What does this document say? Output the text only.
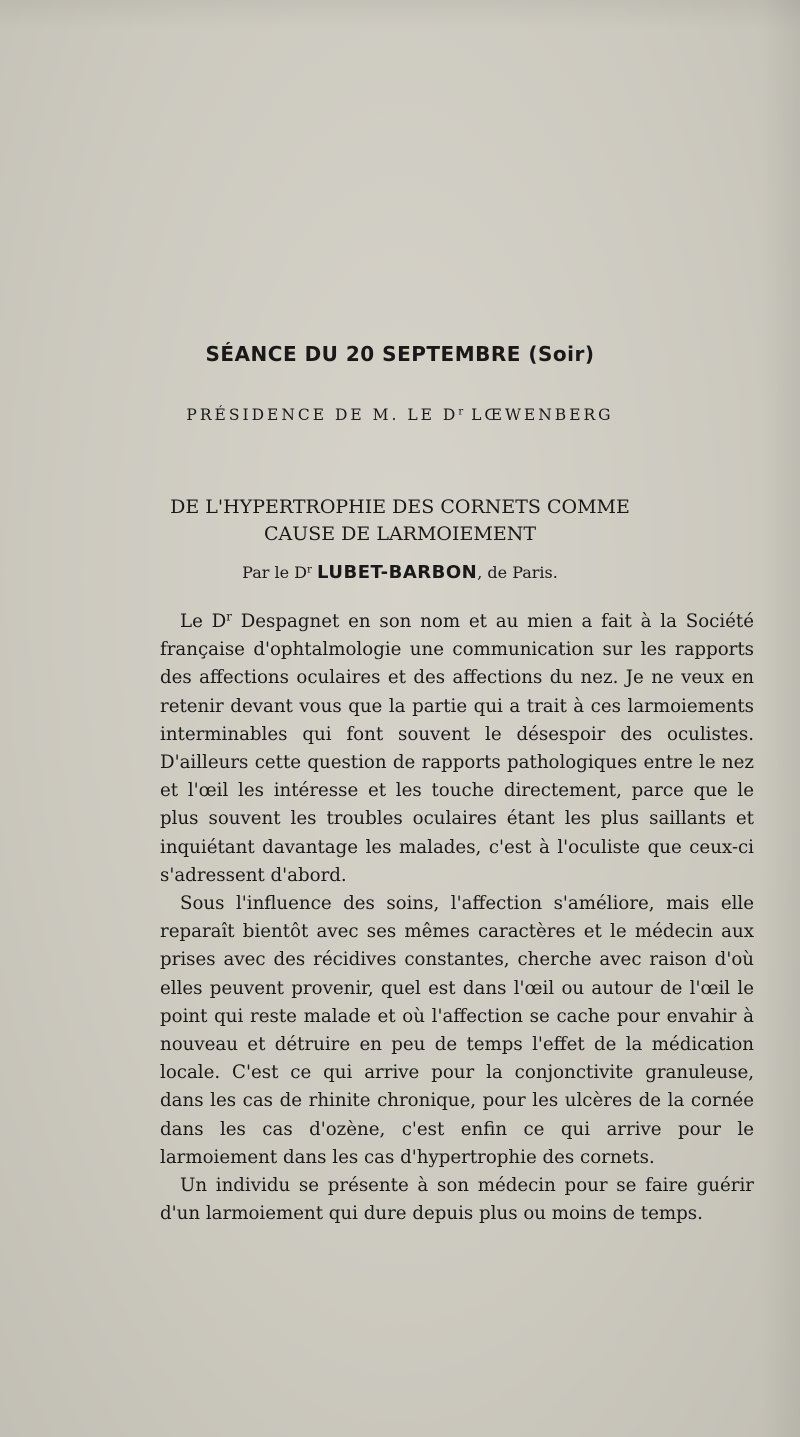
SÉANCE DU 20 SEPTEMBRE (Soir)
PRÉSIDENCE DE M. LE $D^r$ LŒWENBERG
DE L'HYPERTROPHIE DES CORNETS COMME CAUSE DE LARMOIEMENT
Par le $D^r$ LUBET-BARBON, de Paris.

Le $D^r$ Despagnet en son nom et au mien a fait à la Société française d'ophtalmologie une communication sur les rapports des affections oculaires et des affections du nez. Je ne veux en retenir devant vous que la partie qui a trait à ces larmoiements interminables qui font souvent le désespoir des oculistes. D'ailleurs cette question de rapports pathologiques entre le nez et l'œil les intéresse et les touche directement, parce que le plus souvent les troubles oculaires étant les plus saillants et inquiétant davantage les malades, c'est à l'oculiste que ceux-ci s'adressent d'abord.

Sous l'influence des soins, l'affection s'améliore, mais elle reparaît bientôt avec ses mêmes caractères et le médecin aux prises avec des récidives constantes, cherche avec raison d'où elles peuvent provenir, quel est dans l'œil ou autour de l'œil le point qui reste malade et où l'affection se cache pour envahir à nouveau et détruire en peu de temps l'effet de la médication locale. C'est ce qui arrive pour la conjonctivite granuleuse, dans les cas de rhinite chronique, pour les ulcères de la cornée dans les cas d'ozène, c'est enfin ce qui arrive pour le larmoiement dans les cas d'hypertrophie des cornets.

Un individu se présente à son médecin pour se faire guérir d'un larmoiement qui dure depuis plus ou moins de temps.
